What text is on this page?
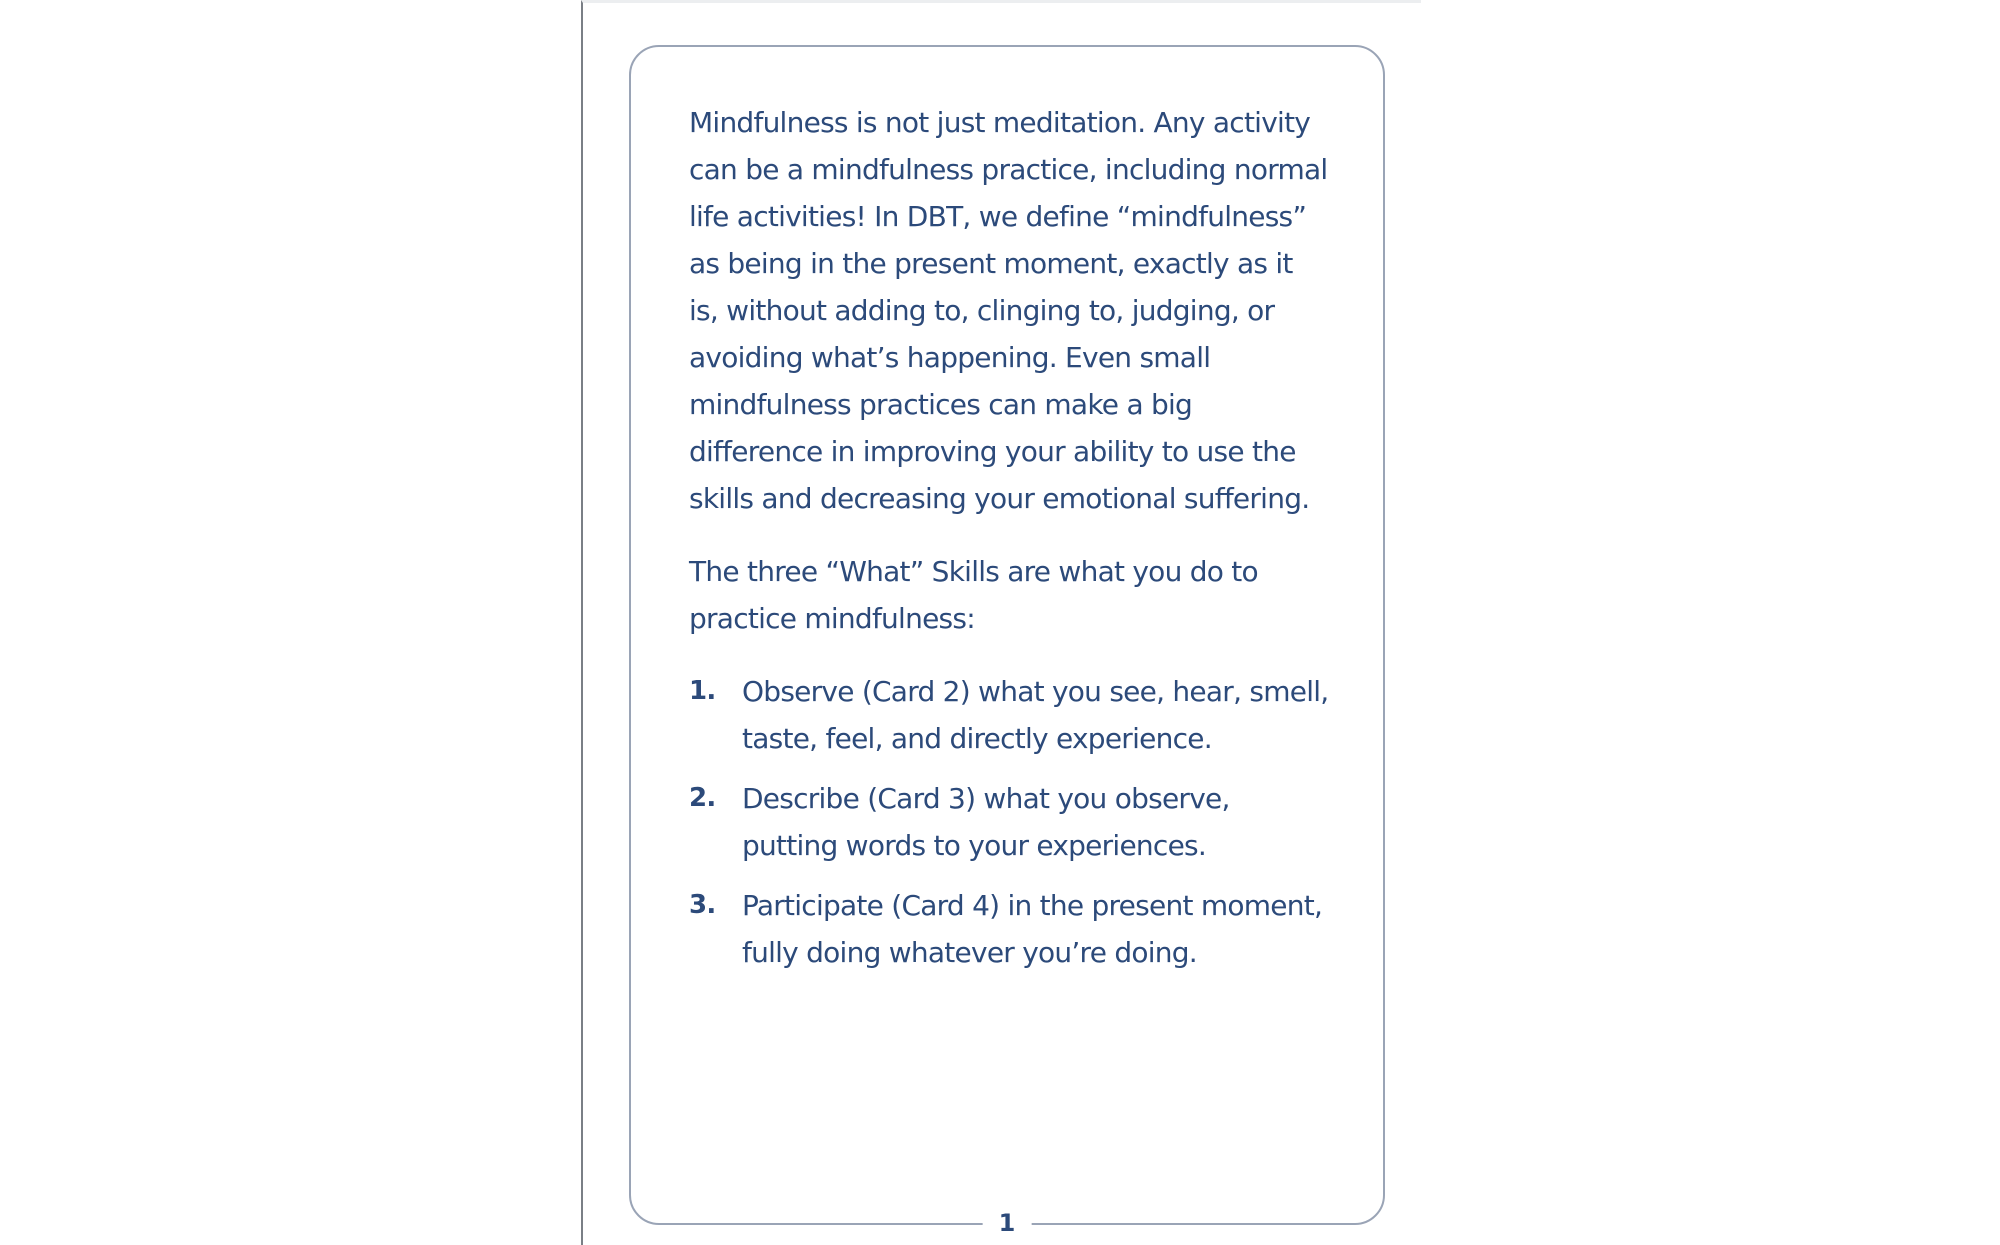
Mindfulness is not just meditation. Any activity can be a mindfulness practice, including normal life activities! In DBT, we define “mindfulness” as being in the present moment, exactly as it is, without adding to, clinging to, judging, or avoiding what’s happening. Even small mindfulness practices can make a big difference in improving your ability to use the skills and decreasing your emotional suffering.

The three “What” Skills are what you do to practice mindfulness:

1. Observe (Card 2) what you see, hear, smell, taste, feel, and directly experience.
2. Describe (Card 3) what you observe, putting words to your experiences.
3. Participate (Card 4) in the present moment, fully doing whatever you’re doing.
1
